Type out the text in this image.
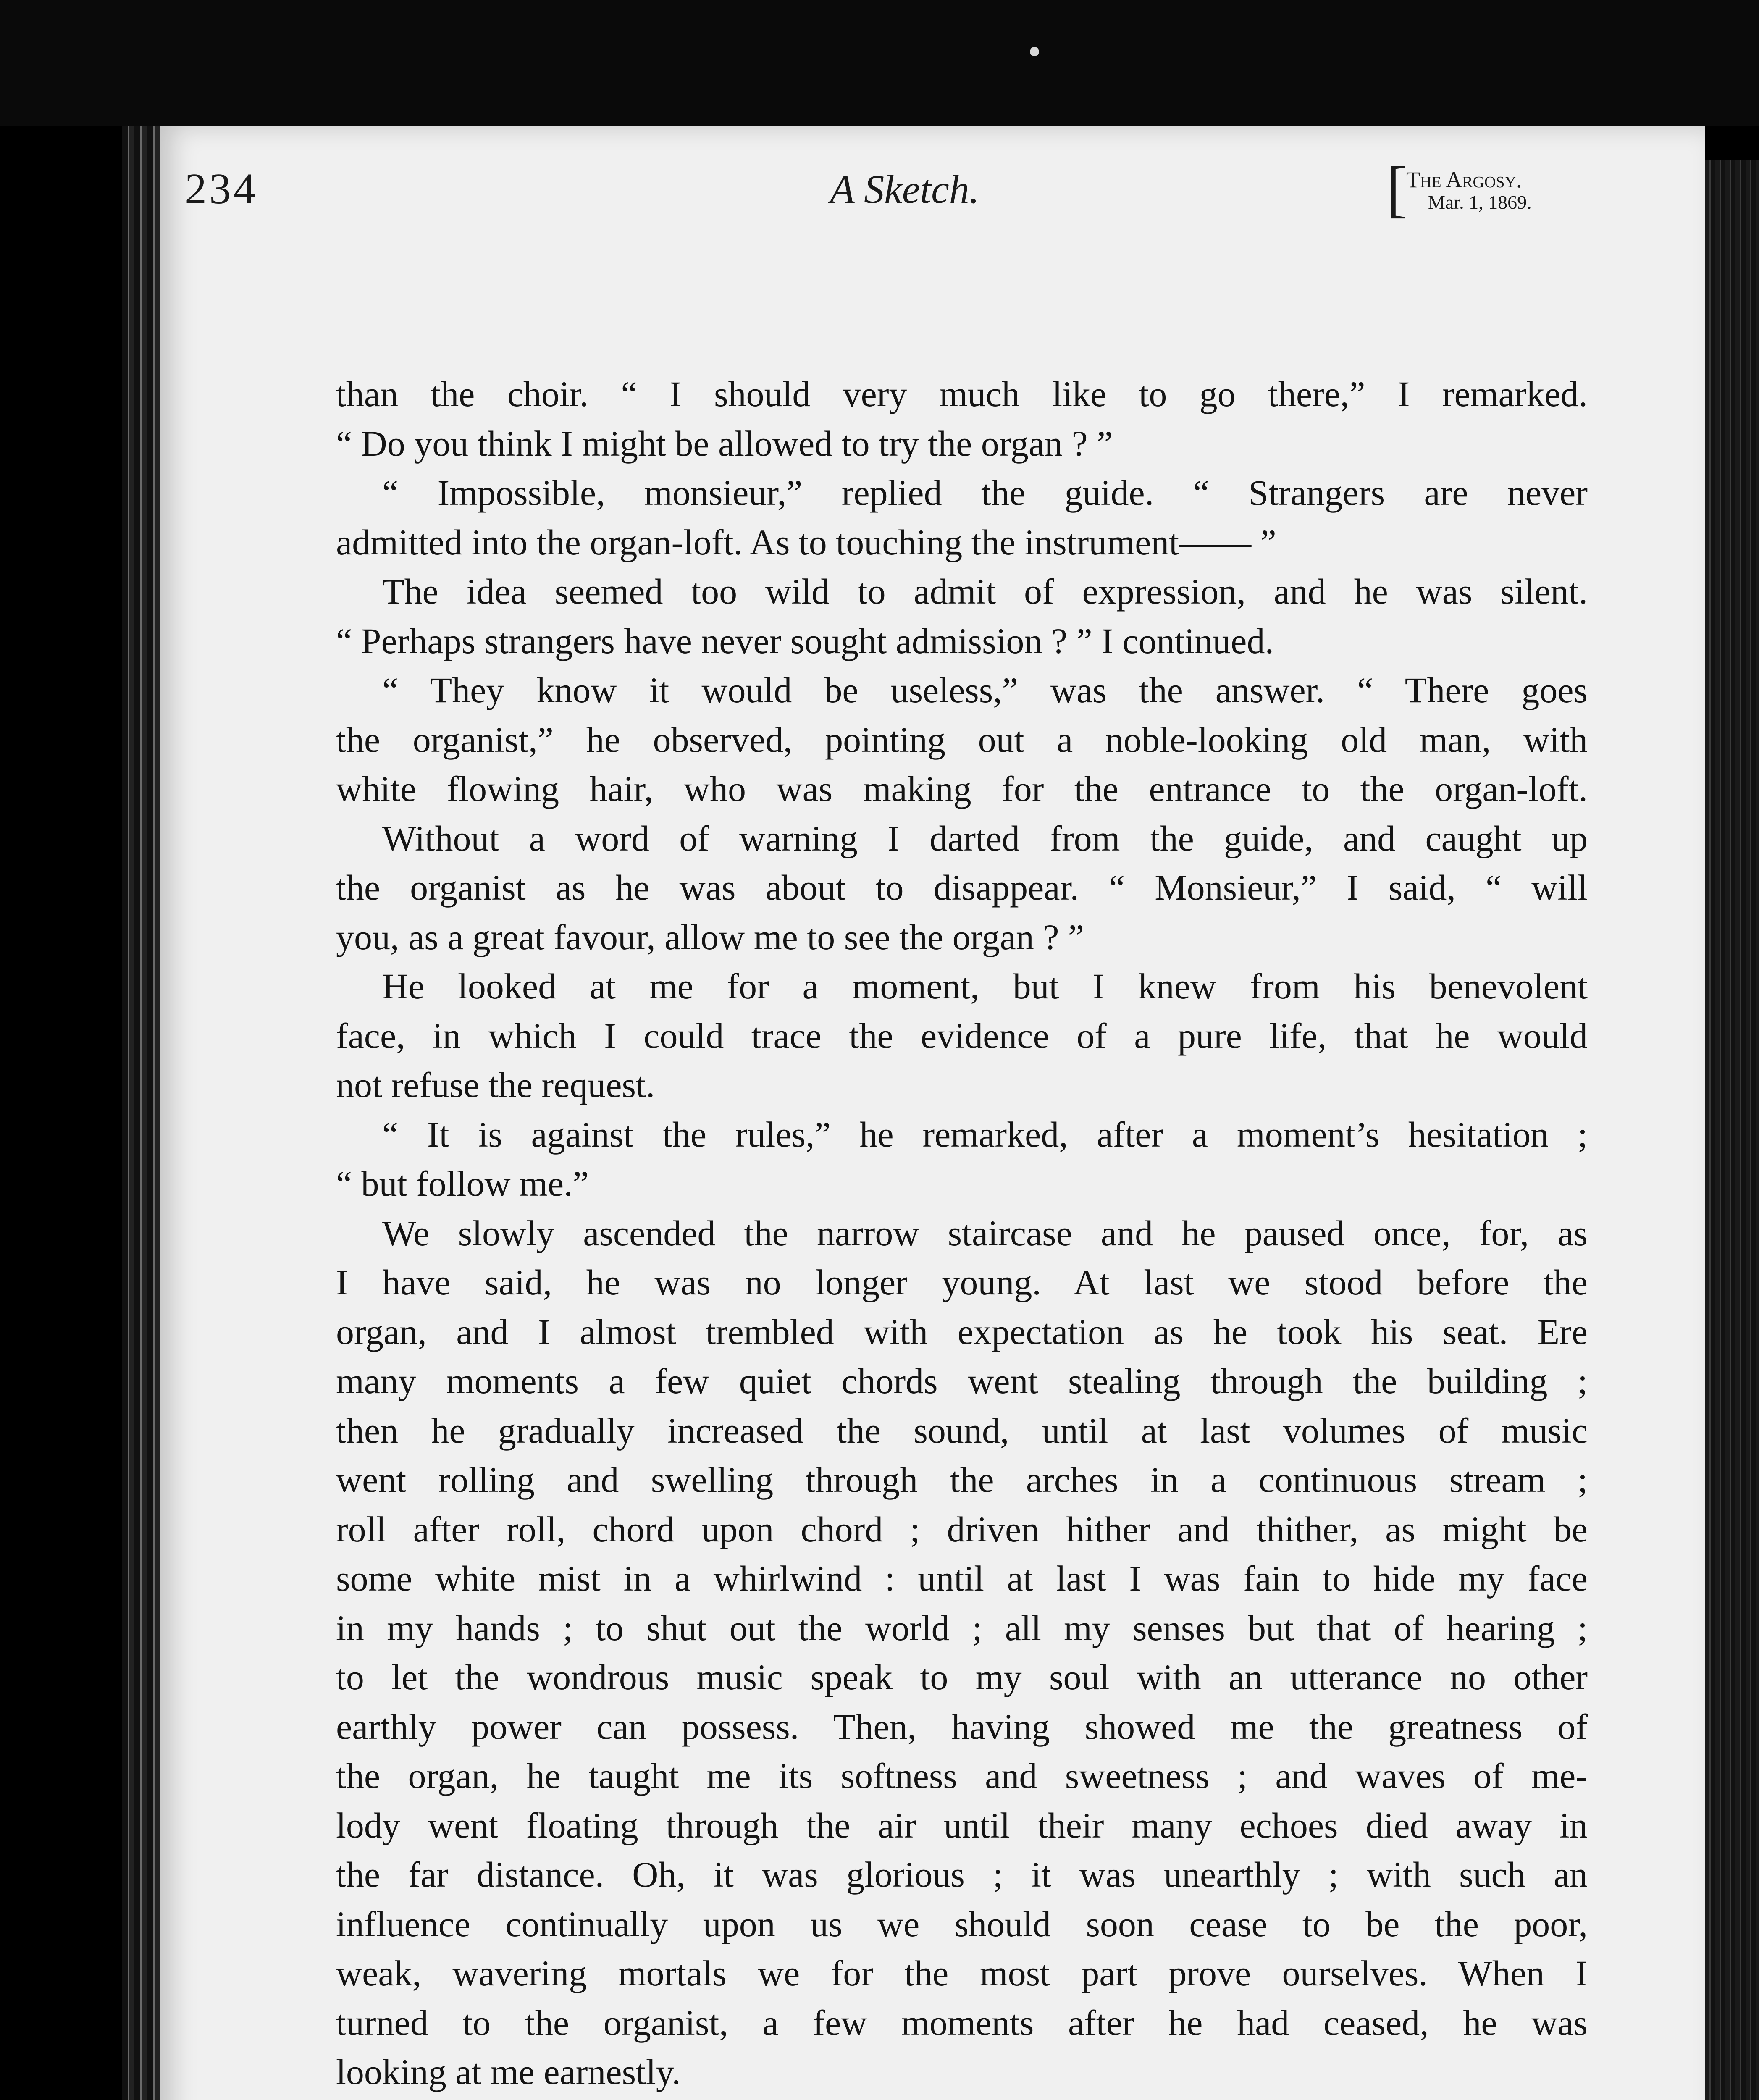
234	A Sketch.	[
The Argosy.
Mar. 1, 1869.
than the choir. “ I should very much like to go there,” I remarked.
“ Do you think I might be allowed to try the organ ? ”
“ Impossible, monsieur,” replied the guide. “ Strangers are never
admitted into the organ-loft. As to touching the instrument—— ”
The idea seemed too wild to admit of expression, and he was silent.
“ Perhaps strangers have never sought admission ? ” I continued.
“ They know it would be useless,” was the answer. “ There goes
the organist,” he observed, pointing out a noble-looking old man, with
white flowing hair, who was making for the entrance to the organ-loft.
Without a word of warning I darted from the guide, and caught up
the organist as he was about to disappear. “ Monsieur,” I said, “ will
you, as a great favour, allow me to see the organ ? ”
He looked at me for a moment, but I knew from his benevolent
face, in which I could trace the evidence of a pure life, that he would
not refuse the request.
“ It is against the rules,” he remarked, after a moment’s hesitation ;
“ but follow me.”
We slowly ascended the narrow staircase and he paused once, for, as
I have said, he was no longer young. At last we stood before the
organ, and I almost trembled with expectation as he took his seat. Ere
many moments a few quiet chords went stealing through the building ;
then he gradually increased the sound, until at last volumes of music
went rolling and swelling through the arches in a continuous stream ;
roll after roll, chord upon chord ; driven hither and thither, as might be
some white mist in a whirlwind : until at last I was fain to hide my face
in my hands ; to shut out the world ; all my senses but that of hearing ;
to let the wondrous music speak to my soul with an utterance no other
earthly power can possess. Then, having showed me the greatness of
the organ, he taught me its softness and sweetness ; and waves of me-
lody went floating through the air until their many echoes died away in
the far distance. Oh, it was glorious ; it was unearthly ; with such an
influence continually upon us we should soon cease to be the poor,
weak, wavering mortals we for the most part prove ourselves. When I
turned to the organist, a few moments after he had ceased, he was
looking at me earnestly.
